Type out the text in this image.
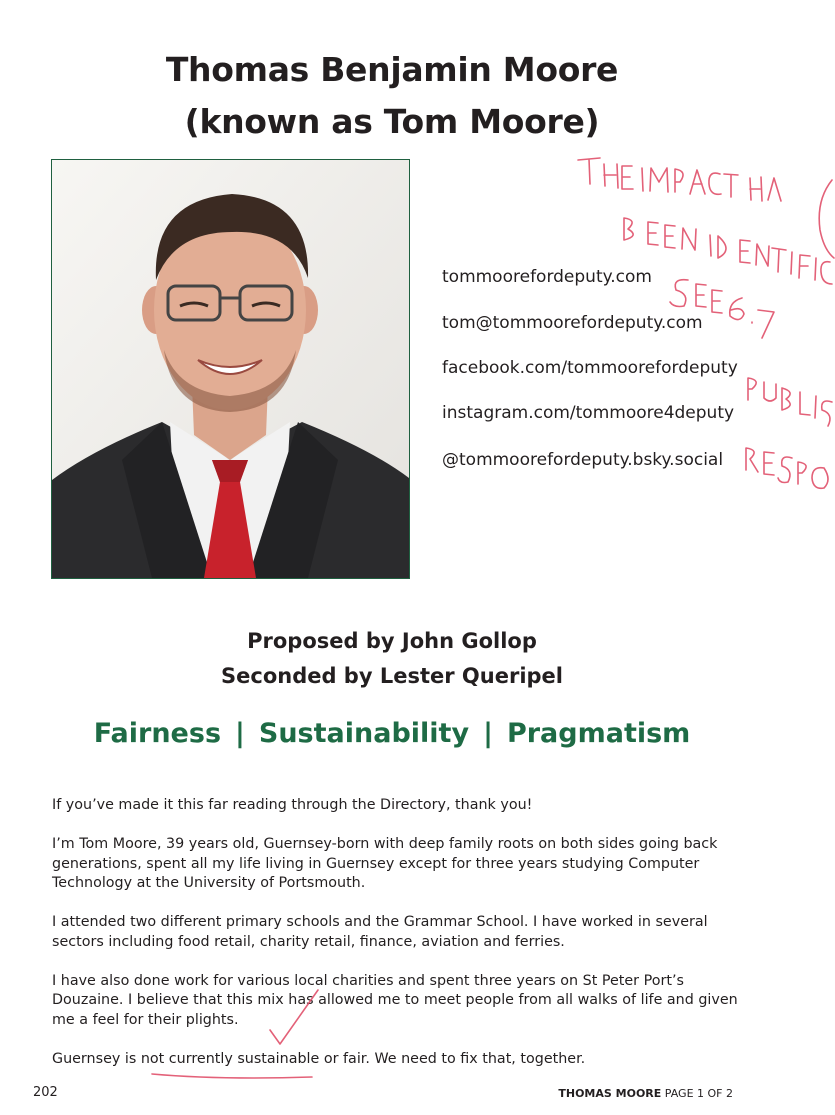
Thomas Benjamin Moore
(known as Tom Moore)
tommoorefordeputy.com
tom@tommoorefordeputy.com
facebook.com/tommoorefordeputy
instagram.com/tommoore4deputy
@tommoorefordeputy.bsky.social
Proposed by John Gollop
Seconded by Lester Queripel
Fairness | Sustainability | Pragmatism

If you’ve made it this far reading through the Directory, thank you!

I’m Tom Moore, 39 years old, Guernsey-born with deep family roots on both sides going back generations, spent all my life living in Guernsey except for three years studying Computer Technology at the University of Portsmouth.

I attended two different primary schools and the Grammar School. I have worked in several sectors including food retail, charity retail, finance, aviation and ferries.

I have also done work for various local charities and spent three years on St Peter Port’s Douzaine. I believe that this mix has allowed me to meet people from all walks of life and given me a feel for their plights.

Guernsey is not currently sustainable or fair. We need to fix that, together.

202	THOMAS MOORE PAGE 1 OF 2
